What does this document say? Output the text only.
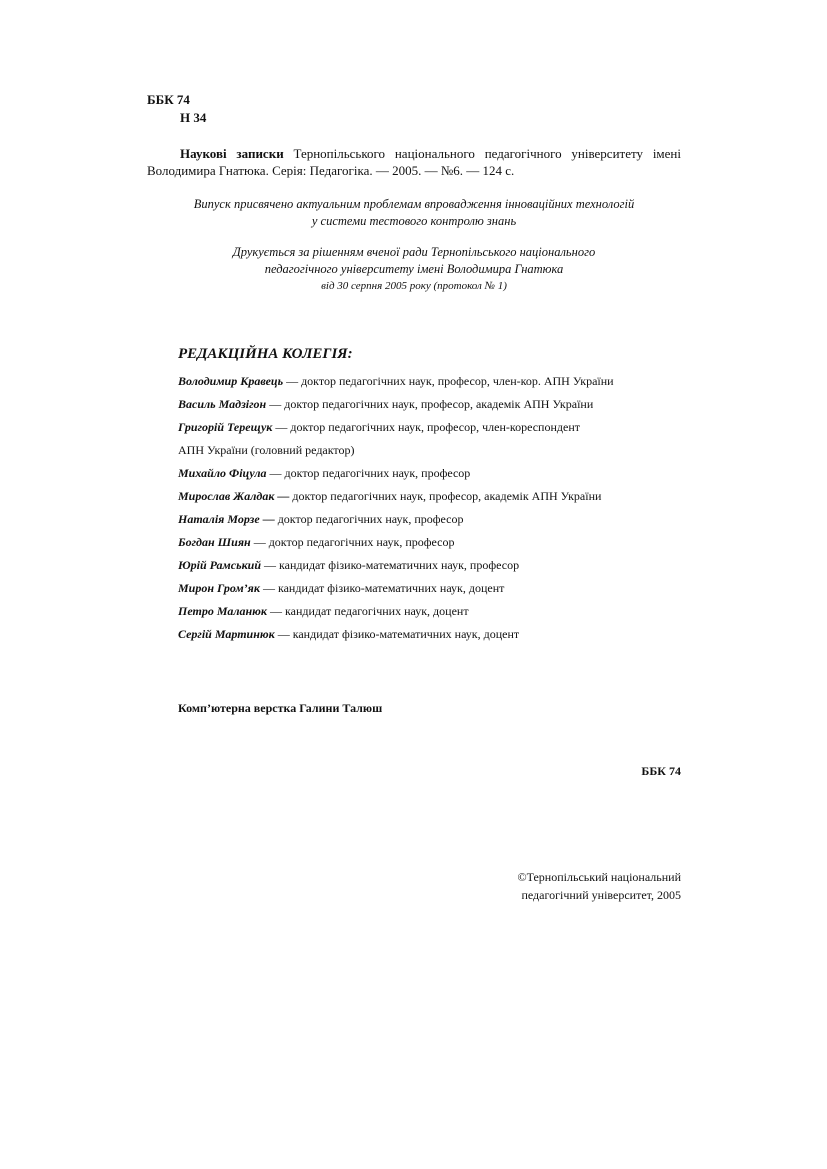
ББК 74
Н 34
Наукові записки Тернопільського національного педагогічного університету імені Володимира Гнатюка. Серія: Педагогіка. — 2005. — №6. — 124 с.
Випуск присвячено актуальним проблемам впровадження інноваційних технологій
у системи тестового контролю знань
Друкується за рішенням вченої ради Тернопільського національного
педагогічного університету імені Володимира Гнатюка
від 30 серпня 2005 року (протокол № 1)
РЕДАКЦІЙНА КОЛЕГІЯ:
Володимир Кравець — доктор педагогічних наук, професор, член-кор. АПН України
Василь Мадзігон — доктор педагогічних наук, професор, академік АПН України
Григорій Терещук — доктор педагогічних наук, професор, член-кореспондент
АПН України (головний редактор)
Михайло Фіцула — доктор педагогічних наук, професор
Мирослав Жалдак — доктор педагогічних наук, професор, академік АПН України
Наталія Морзе — доктор педагогічних наук, професор
Богдан Шиян — доктор педагогічних наук, професор
Юрій Рамський — кандидат фізико-математичних наук, професор
Мирон Гром’як — кандидат фізико-математичних наук, доцент
Петро Маланюк — кандидат педагогічних наук, доцент
Сергій Мартинюк — кандидат фізико-математичних наук, доцент
Комп’ютерна верстка Галини Талюш
ББК 74
©Тернопільський національний
педагогічний університет, 2005
